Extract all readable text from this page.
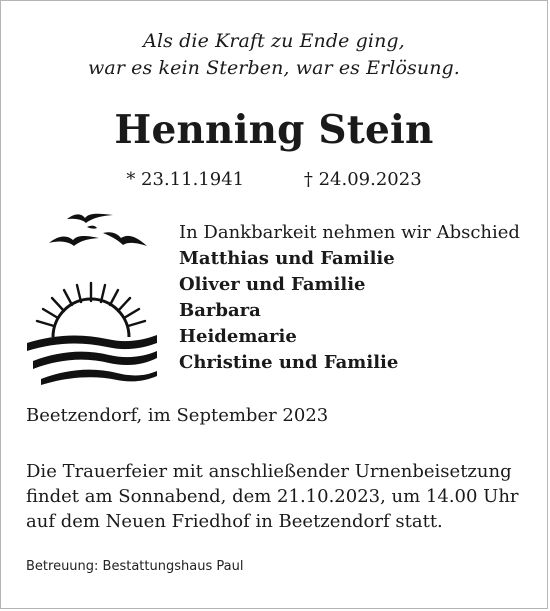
Als die Kraft zu Ende ging,
war es kein Sterben, war es Erlösung.
Henning Stein
* 23.11.1941	† 24.09.2023
In Dankbarkeit nehmen wir Abschied
Matthias und Familie
Oliver und Familie
Barbara
Heidemarie
Christine und Familie
Beetzendorf, im September 2023
Die Trauerfeier mit anschließender Urnenbeisetzung
findet am Sonnabend, dem 21.10.2023, um 14.00 Uhr
auf dem Neuen Friedhof in Beetzendorf statt.
Betreuung: Bestattungshaus Paul
